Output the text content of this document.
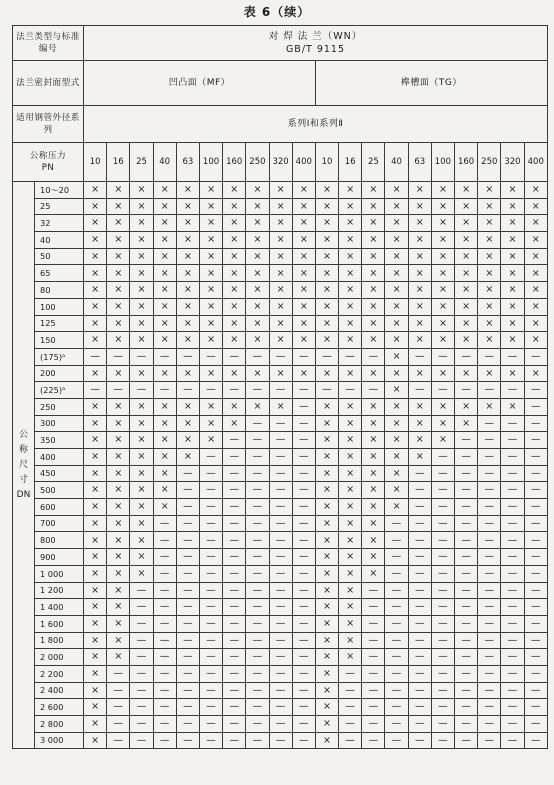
表 6（续）
法兰类型与标准编号		对 焊 法 兰（WN）
GB/T 9115																			

法兰密封面型式		凹凸面（MF）										榫槽面（TG）									
适用钢管外径系列		系列Ⅰ和系列Ⅱ																			

公称压力
PN		10	16	25	40	63	100	160	250	320	400	10	16	25	40	63	100	160	250	320	400

公
称
尺
寸
DN	10～20	×	×	×	×	×	×	×	×	×	×	×	×	×	×	×	×	×	×	×	×
	25	×	×	×	×	×	×	×	×	×	×	×	×	×	×	×	×	×	×	×	×
	32	×	×	×	×	×	×	×	×	×	×	×	×	×	×	×	×	×	×	×	×
	40	×	×	×	×	×	×	×	×	×	×	×	×	×	×	×	×	×	×	×	×
	50	×	×	×	×	×	×	×	×	×	×	×	×	×	×	×	×	×	×	×	×
	65	×	×	×	×	×	×	×	×	×	×	×	×	×	×	×	×	×	×	×	×
	80	×	×	×	×	×	×	×	×	×	×	×	×	×	×	×	×	×	×	×	×
	100	×	×	×	×	×	×	×	×	×	×	×	×	×	×	×	×	×	×	×	×
	125	×	×	×	×	×	×	×	×	×	×	×	×	×	×	×	×	×	×	×	×
	150	×	×	×	×	×	×	×	×	×	×	×	×	×	×	×	×	×	×	×	×
	(175)ᵃ	—	—	—	—	—	—	—	—	—	—	—	—	—	×	—	—	—	—	—	—
	200	×	×	×	×	×	×	×	×	×	×	×	×	×	×	×	×	×	×	×	×
	(225)ᵃ	—	—	—	—	—	—	—	—	—	—	—	—	—	×	—	—	—	—	—	—
	250	×	×	×	×	×	×	×	×	×	—	×	×	×	×	×	×	×	×	×	—
	300	×	×	×	×	×	×	×	—	—	—	×	×	×	×	×	×	×	—	—	—
	350	×	×	×	×	×	×	—	—	—	—	×	×	×	×	×	×	—	—	—	—
	400	×	×	×	×	×	—	—	—	—	—	×	×	×	×	×	—	—	—	—	—
	450	×	×	×	×	—	—	—	—	—	—	×	×	×	×	—	—	—	—	—	—
	500	×	×	×	×	—	—	—	—	—	—	×	×	×	×	—	—	—	—	—	—
	600	×	×	×	×	—	—	—	—	—	—	×	×	×	×	—	—	—	—	—	—
	700	×	×	×	—	—	—	—	—	—	—	×	×	×	—	—	—	—	—	—	—
	800	×	×	×	—	—	—	—	—	—	—	×	×	×	—	—	—	—	—	—	—
	900	×	×	×	—	—	—	—	—	—	—	×	×	×	—	—	—	—	—	—	—
	1 000	×	×	×	—	—	—	—	—	—	—	×	×	×	—	—	—	—	—	—	—
	1 200	×	×	—	—	—	—	—	—	—	—	×	×	—	—	—	—	—	—	—	—
	1 400	×	×	—	—	—	—	—	—	—	—	×	×	—	—	—	—	—	—	—	—
	1 600	×	×	—	—	—	—	—	—	—	—	×	×	—	—	—	—	—	—	—	—
	1 800	×	×	—	—	—	—	—	—	—	—	×	×	—	—	—	—	—	—	—	—
	2 000	×	×	—	—	—	—	—	—	—	—	×	×	—	—	—	—	—	—	—	—
	2 200	×	—	—	—	—	—	—	—	—	—	×	—	—	—	—	—	—	—	—	—
	2 400	×	—	—	—	—	—	—	—	—	—	×	—	—	—	—	—	—	—	—	—
	2 600	×	—	—	—	—	—	—	—	—	—	×	—	—	—	—	—	—	—	—	—
	2 800	×	—	—	—	—	—	—	—	—	—	×	—	—	—	—	—	—	—	—	—
	3 000	×	—	—	—	—	—	—	—	—	—	×	—	—	—	—	—	—	—	—	—
